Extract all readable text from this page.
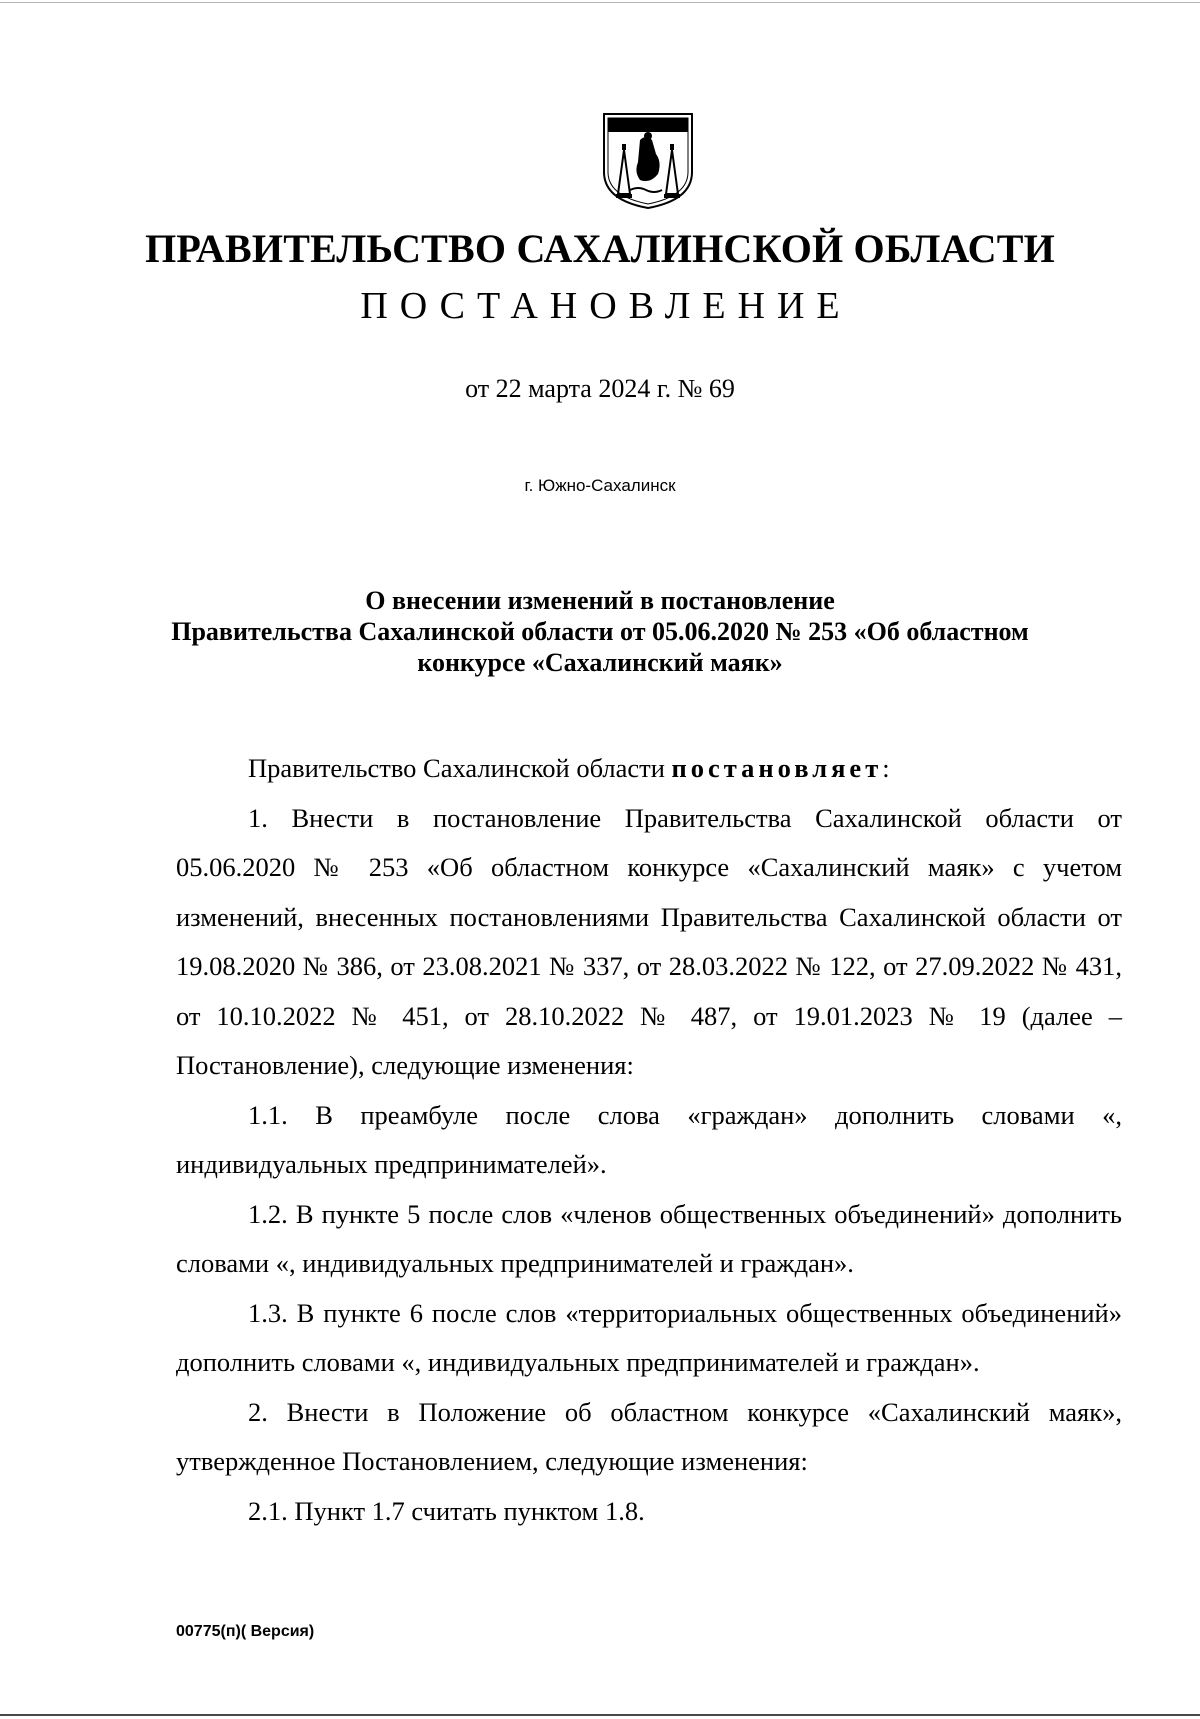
ПРАВИТЕЛЬСТВО САХАЛИНСКОЙ ОБЛАСТИ
ПОСТАНОВЛЕНИЕ
от 22 марта 2024 г. № 69
г. Южно-Сахалинск
О внесении изменений в постановление
Правительства Сахалинской области от 05.06.2020 № 253 «Об областном
конкурсе «Сахалинский маяк»

Правительство Сахалинской области постановляет:

1. Внести в постановление Правительства Сахалинской области от 05.06.2020 № 253 «Об областном конкурсе «Сахалинский маяк» с учетом изменений, внесенных постановлениями Правительства Сахалинской области от 19.08.2020 № 386, от 23.08.2021 № 337, от 28.03.2022 № 122, от 27.09.2022 № 431, от 10.10.2022 № 451, от 28.10.2022 № 487, от 19.01.2023 № 19 (далее – Постановление), следующие изменения:

1.1. В преамбуле после слова «граждан» дополнить словами «, индивидуальных предпринимателей».

1.2. В пункте 5 после слов «членов общественных объединений» дополнить словами «, индивидуальных предпринимателей и граждан».

1.3. В пункте 6 после слов «территориальных общественных объединений» дополнить словами «, индивидуальных предпринимателей и граждан».

2. Внести в Положение об областном конкурсе «Сахалинский маяк», утвержденное Постановлением, следующие изменения:

2.1. Пункт 1.7 считать пунктом 1.8.

00775(п)( Версия)
